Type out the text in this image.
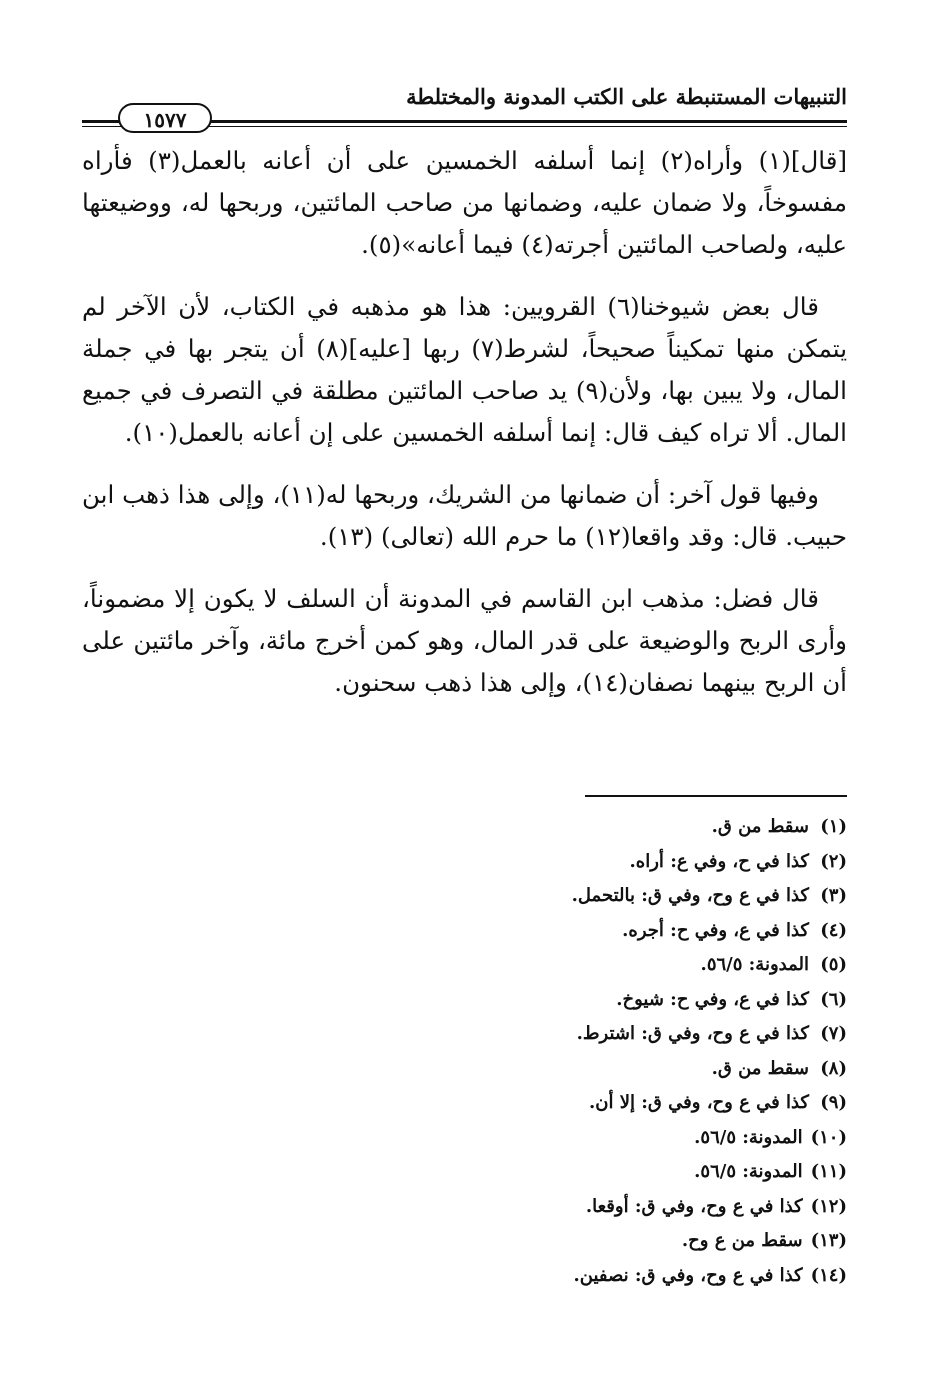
التنبيهات المستنبطة على الكتب المدونة والمختلطة
١٥٧٧

[قال](١) وأراه(٢) إنما أسلفه الخمسين على أن أعانه بالعمل(٣) فأراه مفسوخاً، ولا ضمان عليه، وضمانها من صاحب المائتين، وربحها له، ووضيعتها عليه، ولصاحب المائتين أجرته(٤) فيما أعانه»(٥).

قال بعض شيوخنا(٦) القرويين: هذا هو مذهبه في الكتاب، لأن الآخر لم يتمكن منها تمكيناً صحيحاً، لشرط(٧) ربها [عليه](٨) أن يتجر بها في جملة المال، ولا يبين بها، ولأن(٩) يد صاحب المائتين مطلقة في التصرف في جميع المال. ألا تراه كيف قال: إنما أسلفه الخمسين على إن أعانه بالعمل(١٠).

وفيها قول آخر: أن ضمانها من الشريك، وربحها له(١١)، وإلى هذا ذهب ابن حبيب. قال: وقد واقعا(١٢) ما حرم الله (تعالى) (١٣).

قال فضل: مذهب ابن القاسم في المدونة أن السلف لا يكون إلا مضموناً، وأرى الربح والوضيعة على قدر المال، وهو كمن أخرج مائة، وآخر مائتين على أن الربح بينهما نصفان(١٤)، وإلى هذا ذهب سحنون.

(١)سقط من ق.
(٢)كذا في ح، وفي ع: أراه.
(٣)كذا في ع وح، وفي ق: بالتحمل.
(٤)كذا في ع، وفي ح: أجره.
(٥)المدونة: ٥٦/٥.
(٦)كذا في ع، وفي ح: شيوخ.
(٧)كذا في ع وح، وفي ق: اشترط.
(٨)سقط من ق.
(٩)كذا في ع وح، وفي ق: إلا أن.
(١٠)المدونة: ٥٦/٥.
(١١)المدونة: ٥٦/٥.
(١٢)كذا في ع وح، وفي ق: أوقعا.
(١٣)سقط من ع وح.
(١٤)كذا في ع وح، وفي ق: نصفين.
